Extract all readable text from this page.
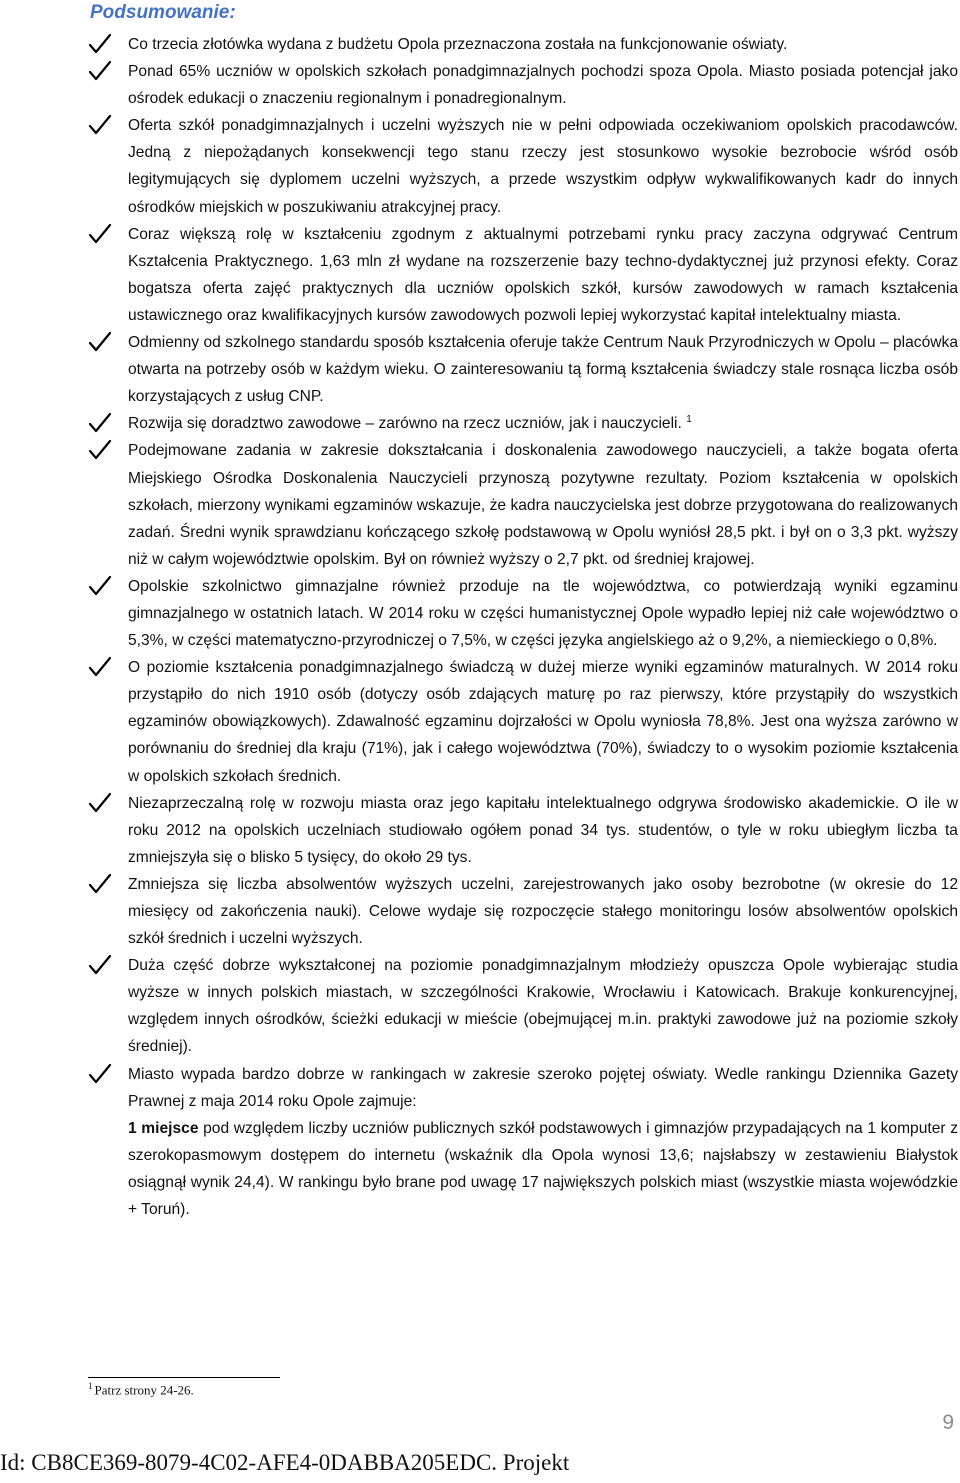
Podsumowanie:
Co trzecia złotówka wydana z budżetu Opola przeznaczona została na funkcjonowanie oświaty.
Ponad 65% uczniów w opolskich szkołach ponadgimnazjalnych pochodzi spoza Opola. Miasto posiada potencjał jako ośrodek edukacji o znaczeniu regionalnym i ponadregionalnym.
Oferta szkół ponadgimnazjalnych i uczelni wyższych nie w pełni odpowiada oczekiwaniom opolskich pracodawców. Jedną z niepożądanych konsekwencji tego stanu rzeczy jest stosunkowo wysokie bezrobocie wśród osób legitymujących się dyplomem uczelni wyższych, a przede wszystkim odpływ wykwalifikowanych kadr do innych ośrodków miejskich w poszukiwaniu atrakcyjnej pracy.
Coraz większą rolę w kształceniu zgodnym z aktualnymi potrzebami rynku pracy zaczyna odgrywać Centrum Kształcenia Praktycznego. 1,63 mln zł wydane na rozszerzenie bazy techno-dydaktycznej już przynosi efekty. Coraz bogatsza oferta zajęć praktycznych dla uczniów opolskich szkół, kursów zawodowych w ramach kształcenia ustawicznego oraz kwalifikacyjnych kursów zawodowych pozwoli lepiej wykorzystać kapitał intelektualny miasta.
Odmienny od szkolnego standardu sposób kształcenia oferuje także Centrum Nauk Przyrodniczych w Opolu – placówka otwarta na potrzeby osób w każdym wieku. O zainteresowaniu tą formą kształcenia świadczy stale rosnąca liczba osób korzystających z usług CNP.
Rozwija się doradztwo zawodowe – zarówno na rzecz uczniów, jak i nauczycieli. $^1$
Podejmowane zadania w zakresie dokształcania i doskonalenia zawodowego nauczycieli, a także bogata oferta Miejskiego Ośrodka Doskonalenia Nauczycieli przynoszą pozytywne rezultaty. Poziom kształcenia w opolskich szkołach, mierzony wynikami egzaminów wskazuje, że kadra nauczycielska jest dobrze przygotowana do realizowanych zadań. Średni wynik sprawdzianu kończącego szkołę podstawową w Opolu wyniósł 28,5 pkt. i był on o 3,3 pkt. wyższy niż w całym województwie opolskim. Był on również wyższy o 2,7 pkt. od średniej krajowej.
Opolskie szkolnictwo gimnazjalne również przoduje na tle województwa, co potwierdzają wyniki egzaminu gimnazjalnego w ostatnich latach. W 2014 roku w części humanistycznej Opole wypadło lepiej niż całe województwo o 5,3%, w części matematyczno-przyrodniczej o 7,5%, w części języka angielskiego aż o 9,2%, a niemieckiego o 0,8%.
O poziomie kształcenia ponadgimnazjalnego świadczą w dużej mierze wyniki egzaminów maturalnych. W 2014 roku przystąpiło do nich 1910 osób (dotyczy osób zdających maturę po raz pierwszy, które przystąpiły do wszystkich egzaminów obowiązkowych). Zdawalność egzaminu dojrzałości w Opolu wyniosła 78,8%. Jest ona wyższa zarówno w porównaniu do średniej dla kraju (71%), jak i całego województwa (70%), świadczy to o wysokim poziomie kształcenia w opolskich szkołach średnich.
Niezaprzeczalną rolę w rozwoju miasta oraz jego kapitału intelektualnego odgrywa środowisko akademickie. O ile w roku 2012 na opolskich uczelniach studiowało ogółem ponad 34 tys. studentów, o tyle w roku ubiegłym liczba ta zmniejszyła się o blisko 5 tysięcy, do około 29 tys.
Zmniejsza się liczba absolwentów wyższych uczelni, zarejestrowanych jako osoby bezrobotne (w okresie do 12 miesięcy od zakończenia nauki). Celowe wydaje się rozpoczęcie stałego monitoringu losów absolwentów opolskich szkół średnich i uczelni wyższych.
Duża część dobrze wykształconej na poziomie ponadgimnazjalnym młodzieży opuszcza Opole wybierając studia wyższe w innych polskich miastach, w szczególności Krakowie, Wrocławiu i Katowicach. Brakuje konkurencyjnej, względem innych ośrodków, ścieżki edukacji w mieście (obejmującej m.in. praktyki zawodowe już na poziomie szkoły średniej).

Miasto wypada bardzo dobrze w rankingach w zakresie szeroko pojętej oświaty. Wedle rankingu Dziennika Gazety Prawnej z maja 2014 roku Opole zajmuje:

1 miejsce pod względem liczby uczniów publicznych szkół podstawowych i gimnazjów przypadających na 1 komputer z szerokopasmowym dostępem do internetu (wskaźnik dla Opola wynosi 13,6; najsłabszy w zestawieniu Białystok osiągnął wynik 24,4). W rankingu było brane pod uwagę 17 największych polskich miast (wszystkie miasta wojewódzkie + Toruń).

$^1$ Patrz strony 24-26.

9

Id: CB8CE369-8079-4C02-AFE4-0DABBA205EDC. Projekt
